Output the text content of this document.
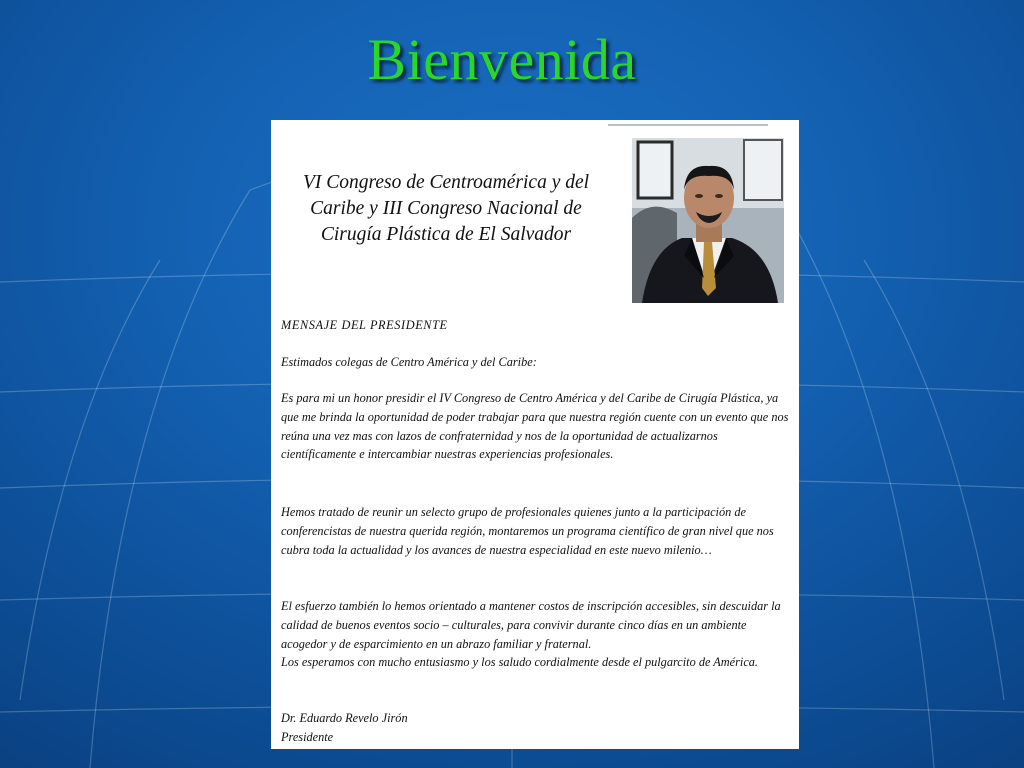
Bienvenida
VI Congreso de Centroamérica y del
Caribe y III Congreso Nacional de
Cirugía Plástica de El Salvador

MENSAJE DEL PRESIDENTE

Estimados colegas de Centro América y del Caribe:

Es para mi un honor presidir el IV Congreso de Centro América y del Caribe de Cirugía Plástica, ya que me brinda la oportunidad de poder trabajar para que nuestra región cuente con un evento que nos reúna una vez mas con lazos de confraternidad y nos de la oportunidad de actualizarnos científicamente e intercambiar nuestras experiencias profesionales.

Hemos tratado de reunir un selecto grupo de profesionales quienes junto a la participación de conferencistas de nuestra querida región, montaremos un programa científico de gran nivel que nos cubra toda la actualidad y los avances de nuestra especialidad en este nuevo milenio…

El esfuerzo también lo hemos orientado a mantener costos de inscripción accesibles, sin descuidar la calidad de buenos eventos socio – culturales, para convivir durante cinco días en un ambiente acogedor y de esparcimiento en un abrazo familiar y fraternal.
Los esperamos con mucho entusiasmo y los saludo cordialmente desde el pulgarcito de América.

Dr. Eduardo Revelo Jirón
Presidente
